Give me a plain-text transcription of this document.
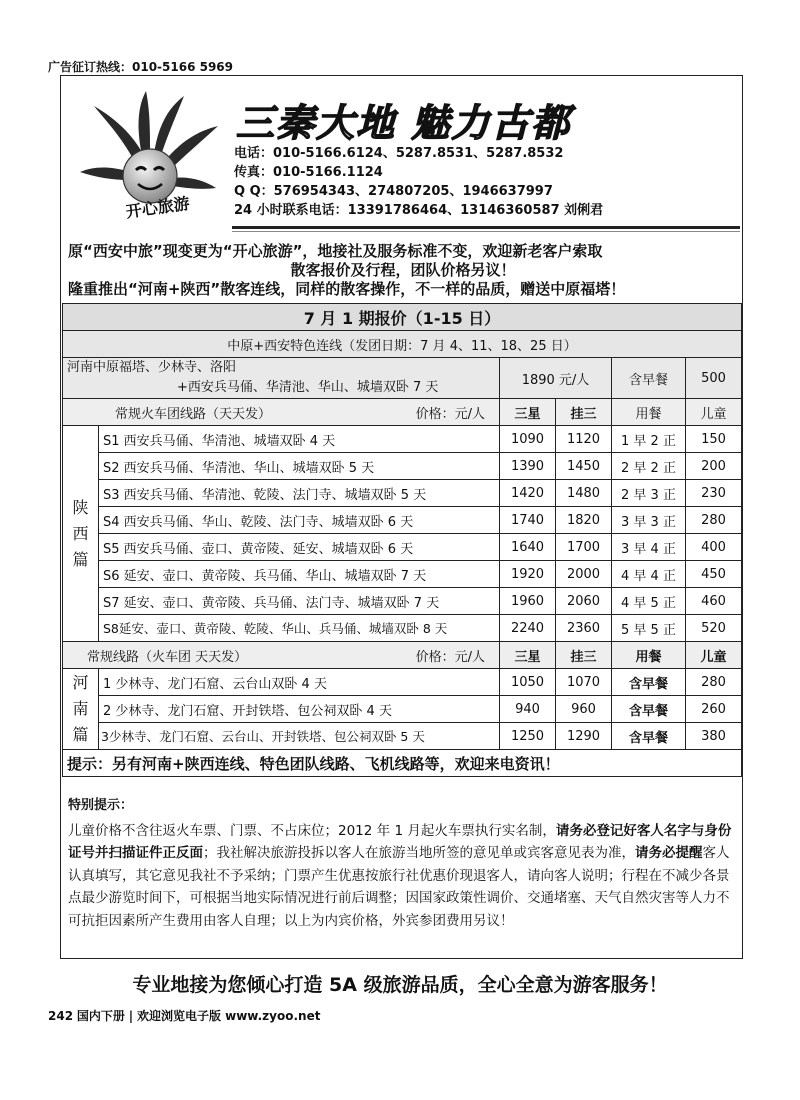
广告征订热线：010-5166 5969
开心旅游
三秦大地 魅力古都
电话：010-5166.6124、5287.8531、5287.8532
传真：010-5166.1124
Q Q：576954343、274807205、1946637997
24 小时联系电话：13391786464、13146360587 刘俐君

原“西安中旅”现变更为“开心旅游”，地接社及服务标准不变，欢迎新老客户索取

散客报价及行程，团队价格另议！

隆重推出“河南+陕西”散客连线，同样的散客操作，不一样的品质，赠送中原福塔！

7 月 1 期报价（1-15 日）					
中原+西安特色连线（发团日期：7 月 4、11、18、25 日）					

河南中原福塔、少林寺、洛阳
+西安兵马俑、华清池、华山、城墙双卧 7 天		1890 元/人		含早餐	500
常规火车团线路（天天发） 价格：元/人		三星	挂三	用餐	儿童
陕西篇	S1 西安兵马俑、华清池、城墙双卧 4 天	1090	1120	1 早 2 正	150
	S2 西安兵马俑、华清池、华山、城墙双卧 5 天	1390	1450	2 早 2 正	200
	S3 西安兵马俑、华清池、乾陵、法门寺、城墙双卧 5 天	1420	1480	2 早 3 正	230
	S4 西安兵马俑、华山、乾陵、法门寺、城墙双卧 6 天	1740	1820	3 早 3 正	280
	S5 西安兵马俑、壶口、黄帝陵、延安、城墙双卧 6 天	1640	1700	3 早 4 正	400
	S6 延安、壶口、黄帝陵、兵马俑、华山、城墙双卧 7 天	1920	2000	4 早 4 正	450
	S7 延安、壶口、黄帝陵、兵马俑、法门寺、城墙双卧 7 天	1960	2060	4 早 5 正	460
	S8延安、壶口、黄帝陵、乾陵、华山、兵马俑、城墙双卧 8 天	2240	2360	5 早 5 正	520
常规线路（火车团 天天发） 价格：元/人		三星	挂三	用餐	儿童
河南篇	1 少林寺、龙门石窟、云台山双卧 4 天	1050	1070	含早餐	280
	2 少林寺、龙门石窟、开封铁塔、包公祠双卧 4 天	940	960	含早餐	260
	3少林寺、龙门石窟、云台山、开封铁塔、包公祠双卧 5 天	1250	1290	含早餐	380
提示：另有河南+陕西连线、特色团队线路、飞机线路等，欢迎来电资讯！					
特别提示：
儿童价格不含往返火车票、门票、不占床位；2012 年 1 月起火车票执行实名制，请务必登记好客人名字与身份证号并扫描证件正反面；我社解决旅游投拆以客人在旅游当地所签的意见单或宾客意见表为准，请务必提醒客人认真填写，其它意见我社不予采纳；门票产生优惠按旅行社优惠价现退客人，请向客人说明；行程在不减少各景点最少游览时间下，可根据当地实际情况进行前后调整；因国家政策性调价、交通堵塞、天气自然灾害等人力不可抗拒因素所产生费用由客人自理；以上为内宾价格，外宾参团费用另议！
专业地接为您倾心打造 5A 级旅游品质，全心全意为游客服务！
242 国内下册 | 欢迎浏览电子版 www.zyoo.net
